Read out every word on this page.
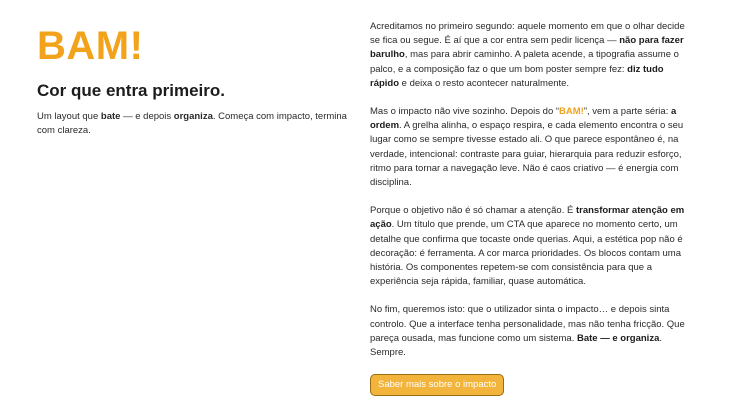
BAM!
Cor que entra primeiro.

Um layout que bate — e depois organiza. Começa com impacto, termina com clareza.

Acreditamos no primeiro segundo: aquele momento em que o olhar decide se fica ou segue. É aí que a cor entra sem pedir licença — não para fazer barulho, mas para abrir caminho. A paleta acende, a tipografia assume o palco, e a composição faz o que um bom poster sempre fez: diz tudo rápido e deixa o resto acontecer naturalmente.

Mas o impacto não vive sozinho. Depois do “BAM!”, vem a parte séria: a ordem. A grelha alinha, o espaço respira, e cada elemento encontra o seu lugar como se sempre tivesse estado ali. O que parece espontâneo é, na verdade, intencional: contraste para guiar, hierarquia para reduzir esforço, ritmo para tornar a navegação leve. Não é caos criativo — é energia com disciplina.

Porque o objetivo não é só chamar a atenção. É transformar atenção em ação. Um título que prende, um CTA que aparece no momento certo, um detalhe que confirma que tocaste onde querias. Aqui, a estética pop não é decoração: é ferramenta. A cor marca prioridades. Os blocos contam uma história. Os componentes repetem-se com consistência para que a experiência seja rápida, familiar, quase automática.

No fim, queremos isto: que o utilizador sinta o impacto… e depois sinta controlo. Que a interface tenha personalidade, mas não tenha fricção. Que pareça ousada, mas funcione como um sistema. Bate — e organiza. Sempre.

Saber mais sobre o impacto
